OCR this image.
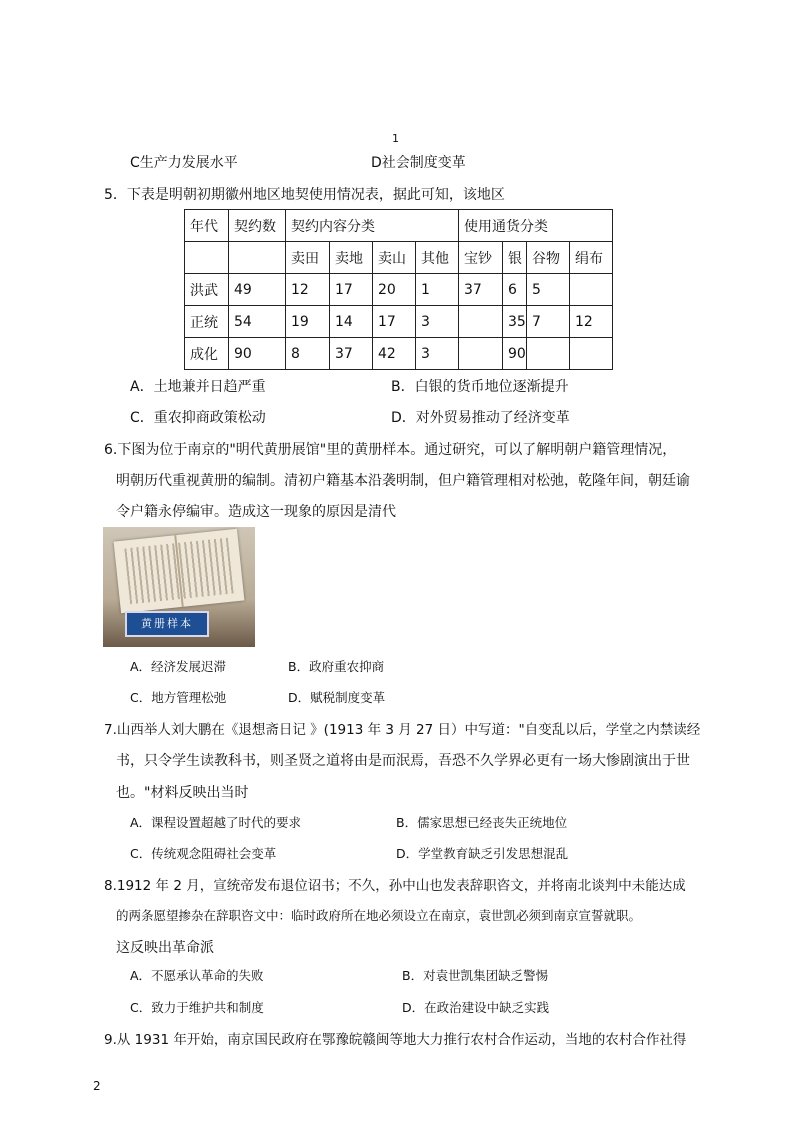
1
C生产力发展水平	D社会制度变革
5．下表是明朝初期徽州地区地契使用情况表，据此可知，该地区
年代	契约数	契约内容分类				使用通货分类			
		卖田	卖地	卖山	其他	宝钞	银	谷物	绢布
洪武	49	12	17	20	1	37	6	5	
正统	54	19	14	17	3		35	7	12
成化	90	8	37	42	3		90		
A．土地兼并日趋严重	B．白银的货币地位逐渐提升
C．重农抑商政策松动	D．对外贸易推动了经济变革
6.下图为位于南京的"明代黄册展馆"里的黄册样本。通过研究，可以了解明朝户籍管理情况，
明朝历代重视黄册的编制。清初户籍基本沿袭明制，但户籍管理相对松弛，乾隆年间，朝廷谕
令户籍永停编审。造成这一现象的原因是清代
黄册样本
A．经济发展迟滞	B．政府重农抑商
C．地方管理松弛	D．赋税制度变革
7.山西举人刘大鹏在《退想斋日记 》(1913 年 3 月 27 日）中写道："自变乱以后，学堂之内禁读经
书，只令学生读教科书，则圣贤之道将由是而泯焉，吾恐不久学界必更有一场大惨剧演出于世
也。"材料反映出当时
A．课程设置超越了时代的要求	B．儒家思想已经丧失正统地位
C．传统观念阻碍社会变革	D．学堂教育缺乏引发思想混乱
8.1912 年 2 月，宣统帝发布退位诏书；不久，孙中山也发表辞职咨文，并将南北谈判中未能达成
的两条愿望掺杂在辞职咨文中：临时政府所在地必须设立在南京，袁世凯必须到南京宣誓就职。
这反映出革命派
A．不愿承认革命的失败	B．对袁世凯集团缺乏警惕
C．致力于维护共和制度	D．在政治建设中缺乏实践
9.从 1931 年开始，南京国民政府在鄂豫皖赣闽等地大力推行农村合作运动，当地的农村合作社得
2
